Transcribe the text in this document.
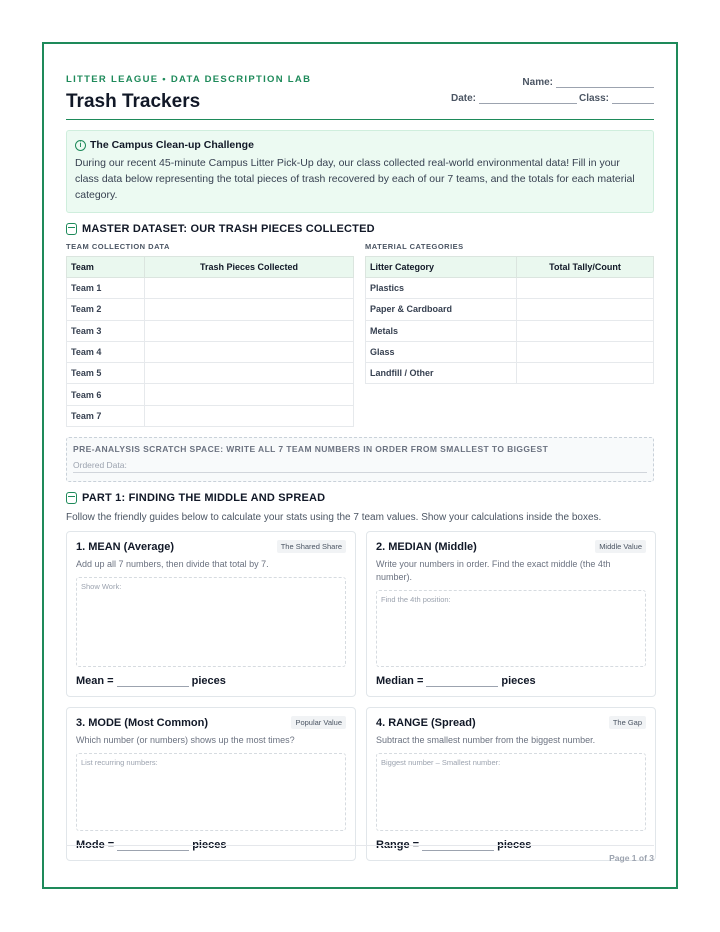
LITTER LEAGUE • DATA DESCRIPTION LAB
Trash Trackers
Name:
Date:	Class:
i The Campus Clean-up Challenge
During our recent 45-minute Campus Litter Pick-Up day, our class collected real-world environmental data! Fill in your class data below representing the total pieces of trash recovered by each of our 7 teams, and the totals for each material category.
MASTER DATASET: OUR TRASH PIECES COLLECTED
TEAM COLLECTION DATA
Team	Trash Pieces Collected
Team 1	
Team 2	
Team 3	
Team 4	
Team 5	
Team 6	
Team 7	
MATERIAL CATEGORIES
Litter Category	Total Tally/Count
Plastics	
Paper & Cardboard	
Metals	
Glass	
Landfill / Other	
PRE-ANALYSIS SCRATCH SPACE: WRITE ALL 7 TEAM NUMBERS IN ORDER FROM SMALLEST TO BIGGEST
Ordered Data:
PART 1: FINDING THE MIDDLE AND SPREAD
Follow the friendly guides below to calculate your stats using the 7 team values. Show your calculations inside the boxes.
1. MEAN (Average)	The Shared Share
Add up all 7 numbers, then divide that total by 7.
Show Work:
Mean =	pieces
2. MEDIAN (Middle)	Middle Value
Write your numbers in order. Find the exact middle (the 4th number).
Find the 4th position:
Median =	pieces
3. MODE (Most Common)	Popular Value
Which number (or numbers) shows up the most times?
List recurring numbers:
Mode =	pieces
4. RANGE (Spread)	The Gap
Subtract the smallest number from the biggest number.
Biggest number – Smallest number:
Range =	pieces
Page 1 of 3
